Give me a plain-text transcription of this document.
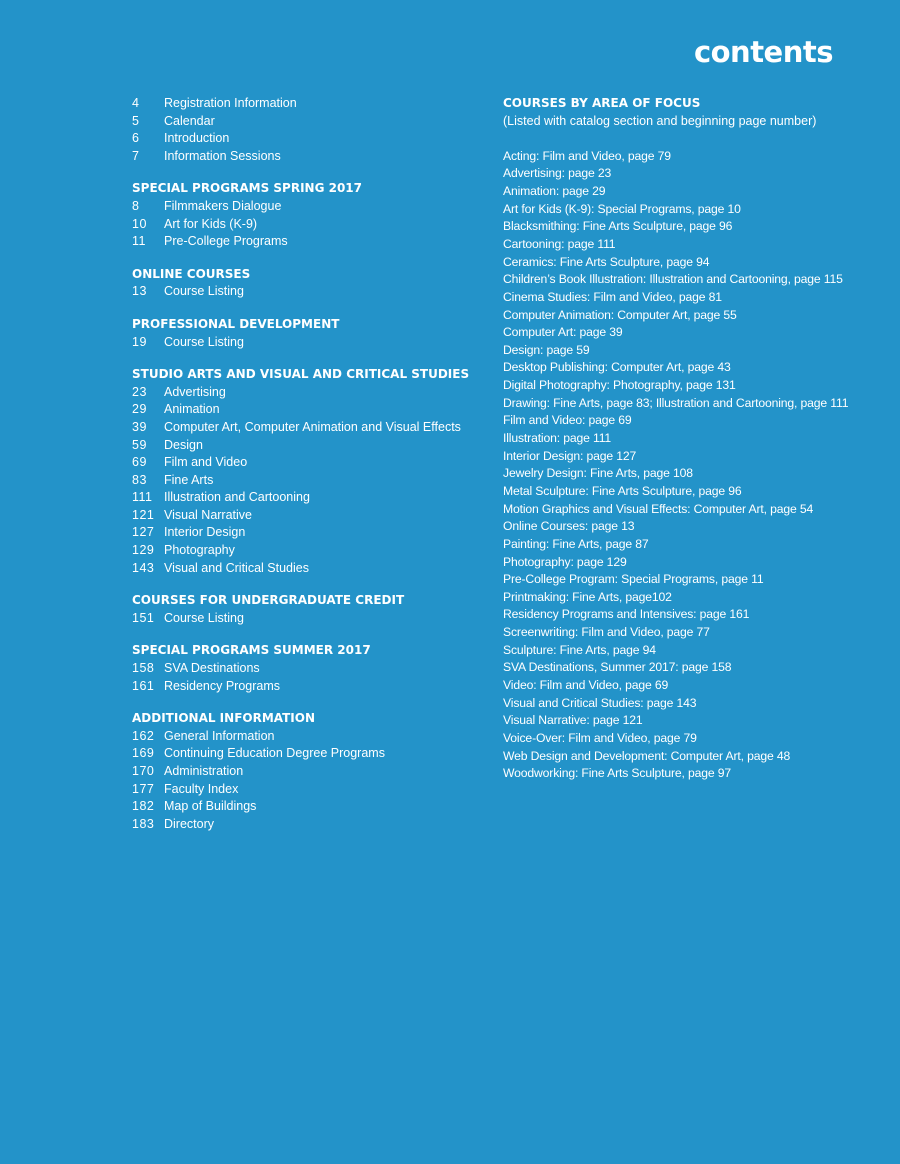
contents
4	Registration Information
5	Calendar
6	Introduction
7	Information Sessions
SPECIAL PROGRAMS SPRING 2017
8	Filmmakers Dialogue
10	Art for Kids (K-9)
11	Pre-College Programs
ONLINE COURSES
13	Course Listing
PROFESSIONAL DEVELOPMENT
19	Course Listing
STUDIO ARTS AND VISUAL AND CRITICAL STUDIES
23	Advertising
29	Animation
39	Computer Art, Computer Animation and Visual Effects
59	Design
69	Film and Video
83	Fine Arts
111 Illustration and Cartooning
121 Visual Narrative
127 Interior Design
129 Photography
143 Visual and Critical Studies
COURSES FOR UNDERGRADUATE CREDIT
151 Course Listing
SPECIAL PROGRAMS SUMMER 2017
158 SVA Destinations
161 Residency Programs
ADDITIONAL INFORMATION
162 General Information
169 Continuing Education Degree Programs
170 Administration
177 Faculty Index
182 Map of Buildings
183 Directory
COURSES BY AREA OF FOCUS
(Listed with catalog section and beginning page number)
Acting: Film and Video, page 79
Advertising: page 23
Animation: page 29
Art for Kids (K-9): Special Programs, page 10
Blacksmithing: Fine Arts Sculpture, page 96
Cartooning: page 111
Ceramics: Fine Arts Sculpture, page 94
Children’s Book Illustration: Illustration and Cartooning, page 115
Cinema Studies: Film and Video, page 81
Computer Animation: Computer Art, page 55
Computer Art: page 39
Design: page 59
Desktop Publishing: Computer Art, page 43
Digital Photography: Photography, page 131
Drawing: Fine Arts, page 83; Illustration and Cartooning, page 111
Film and Video: page 69
Illustration: page 111
Interior Design: page 127
Jewelry Design: Fine Arts, page 108
Metal Sculpture: Fine Arts Sculpture, page 96
Motion Graphics and Visual Effects: Computer Art, page 54
Online Courses: page 13
Painting: Fine Arts, page 87
Photography: page 129
Pre-College Program: Special Programs, page 11
Printmaking: Fine Arts, page102
Residency Programs and Intensives: page 161
Screenwriting: Film and Video, page 77
Sculpture: Fine Arts, page 94
SVA Destinations, Summer 2017: page 158
Video: Film and Video, page 69
Visual and Critical Studies: page 143
Visual Narrative: page 121
Voice-Over: Film and Video, page 79
Web Design and Development: Computer Art, page 48
Woodworking: Fine Arts Sculpture, page 97
